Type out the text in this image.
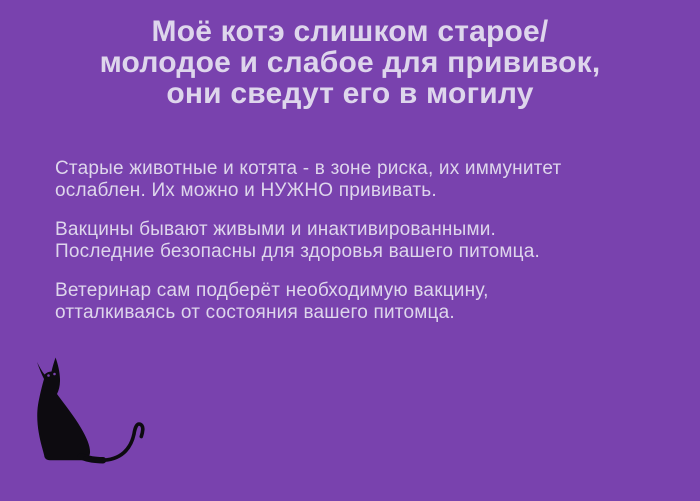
Моё котэ слишком старое/
молодое и слабое для прививок,
они сведут его в могилу

Старые животные и котята - в зоне риска, их иммунитет
ослаблен. Их можно и НУЖНО прививать.

Вакцины бывают живыми и инактивированными.
Последние безопасны для здоровья вашего питомца.

Ветеринар сам подберёт необходимую вакцину,
отталкиваясь от состояния вашего питомца.
